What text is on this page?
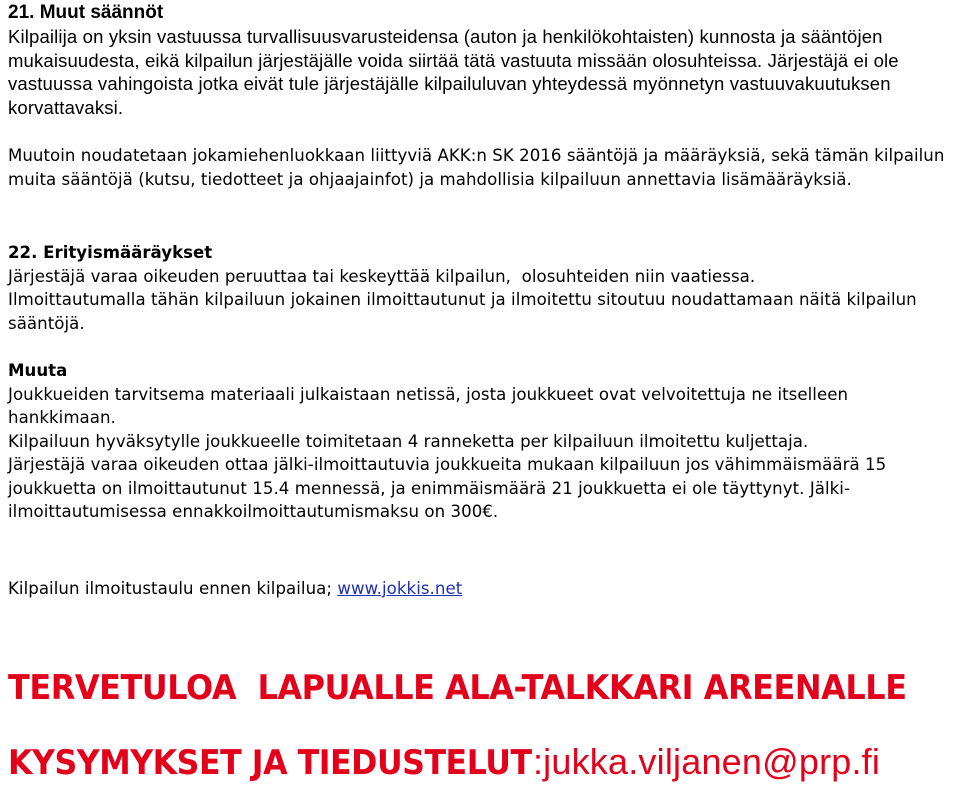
21. Muut säännöt

Kilpailija on yksin vastuussa turvallisuusvarusteidensa (auton ja henkilökohtaisten) kunnosta ja sääntöjen mukaisuudesta, eikä kilpailun järjestäjälle voida siirtää tätä vastuuta missään olosuhteissa. Järjestäjä ei ole vastuussa vahingoista jotka eivät tule järjestäjälle kilpailuluvan yhteydessä myönnetyn vastuuvakuutuksen korvattavaksi.

Muutoin noudatetaan jokamiehenluokkaan liittyviä AKK:n SK 2016 sääntöjä ja määräyksiä, sekä tämän kilpailun muita sääntöjä (kutsu, tiedotteet ja ohjaajainfot) ja mahdollisia kilpailuun annettavia lisämääräyksiä.

22. Erityismääräykset

Järjestäjä varaa oikeuden peruuttaa tai keskeyttää kilpailun,  olosuhteiden niin vaatiessa.

Ilmoittautumalla tähän kilpailuun jokainen ilmoittautunut ja ilmoitettu sitoutuu noudattamaan näitä kilpailun sääntöjä.

Muuta

Joukkueiden tarvitsema materiaali julkaistaan netissä, josta joukkueet ovat velvoitettuja ne itselleen hankkimaan.

Kilpailuun hyväksytylle joukkueelle toimitetaan 4 ranneketta per kilpailuun ilmoitettu kuljettaja.

Järjestäjä varaa oikeuden ottaa jälki-ilmoittautuvia joukkueita mukaan kilpailuun jos vähimmäismäärä 15 joukkuetta on ilmoittautunut 15.4 mennessä, ja enimmäismäärä 21 joukkuetta ei ole täyttynyt. Jälki-ilmoittautumisessa ennakkoilmoittautumismaksu on 300€.

Kilpailun ilmoitustaulu ennen kilpailua; www.jokkis.net

TERVETULOA  LAPUALLE ALA-TALKKARI AREENALLE
KYSYMYKSET JA TIEDUSTELUT:jukka.viljanen@prp.fi
